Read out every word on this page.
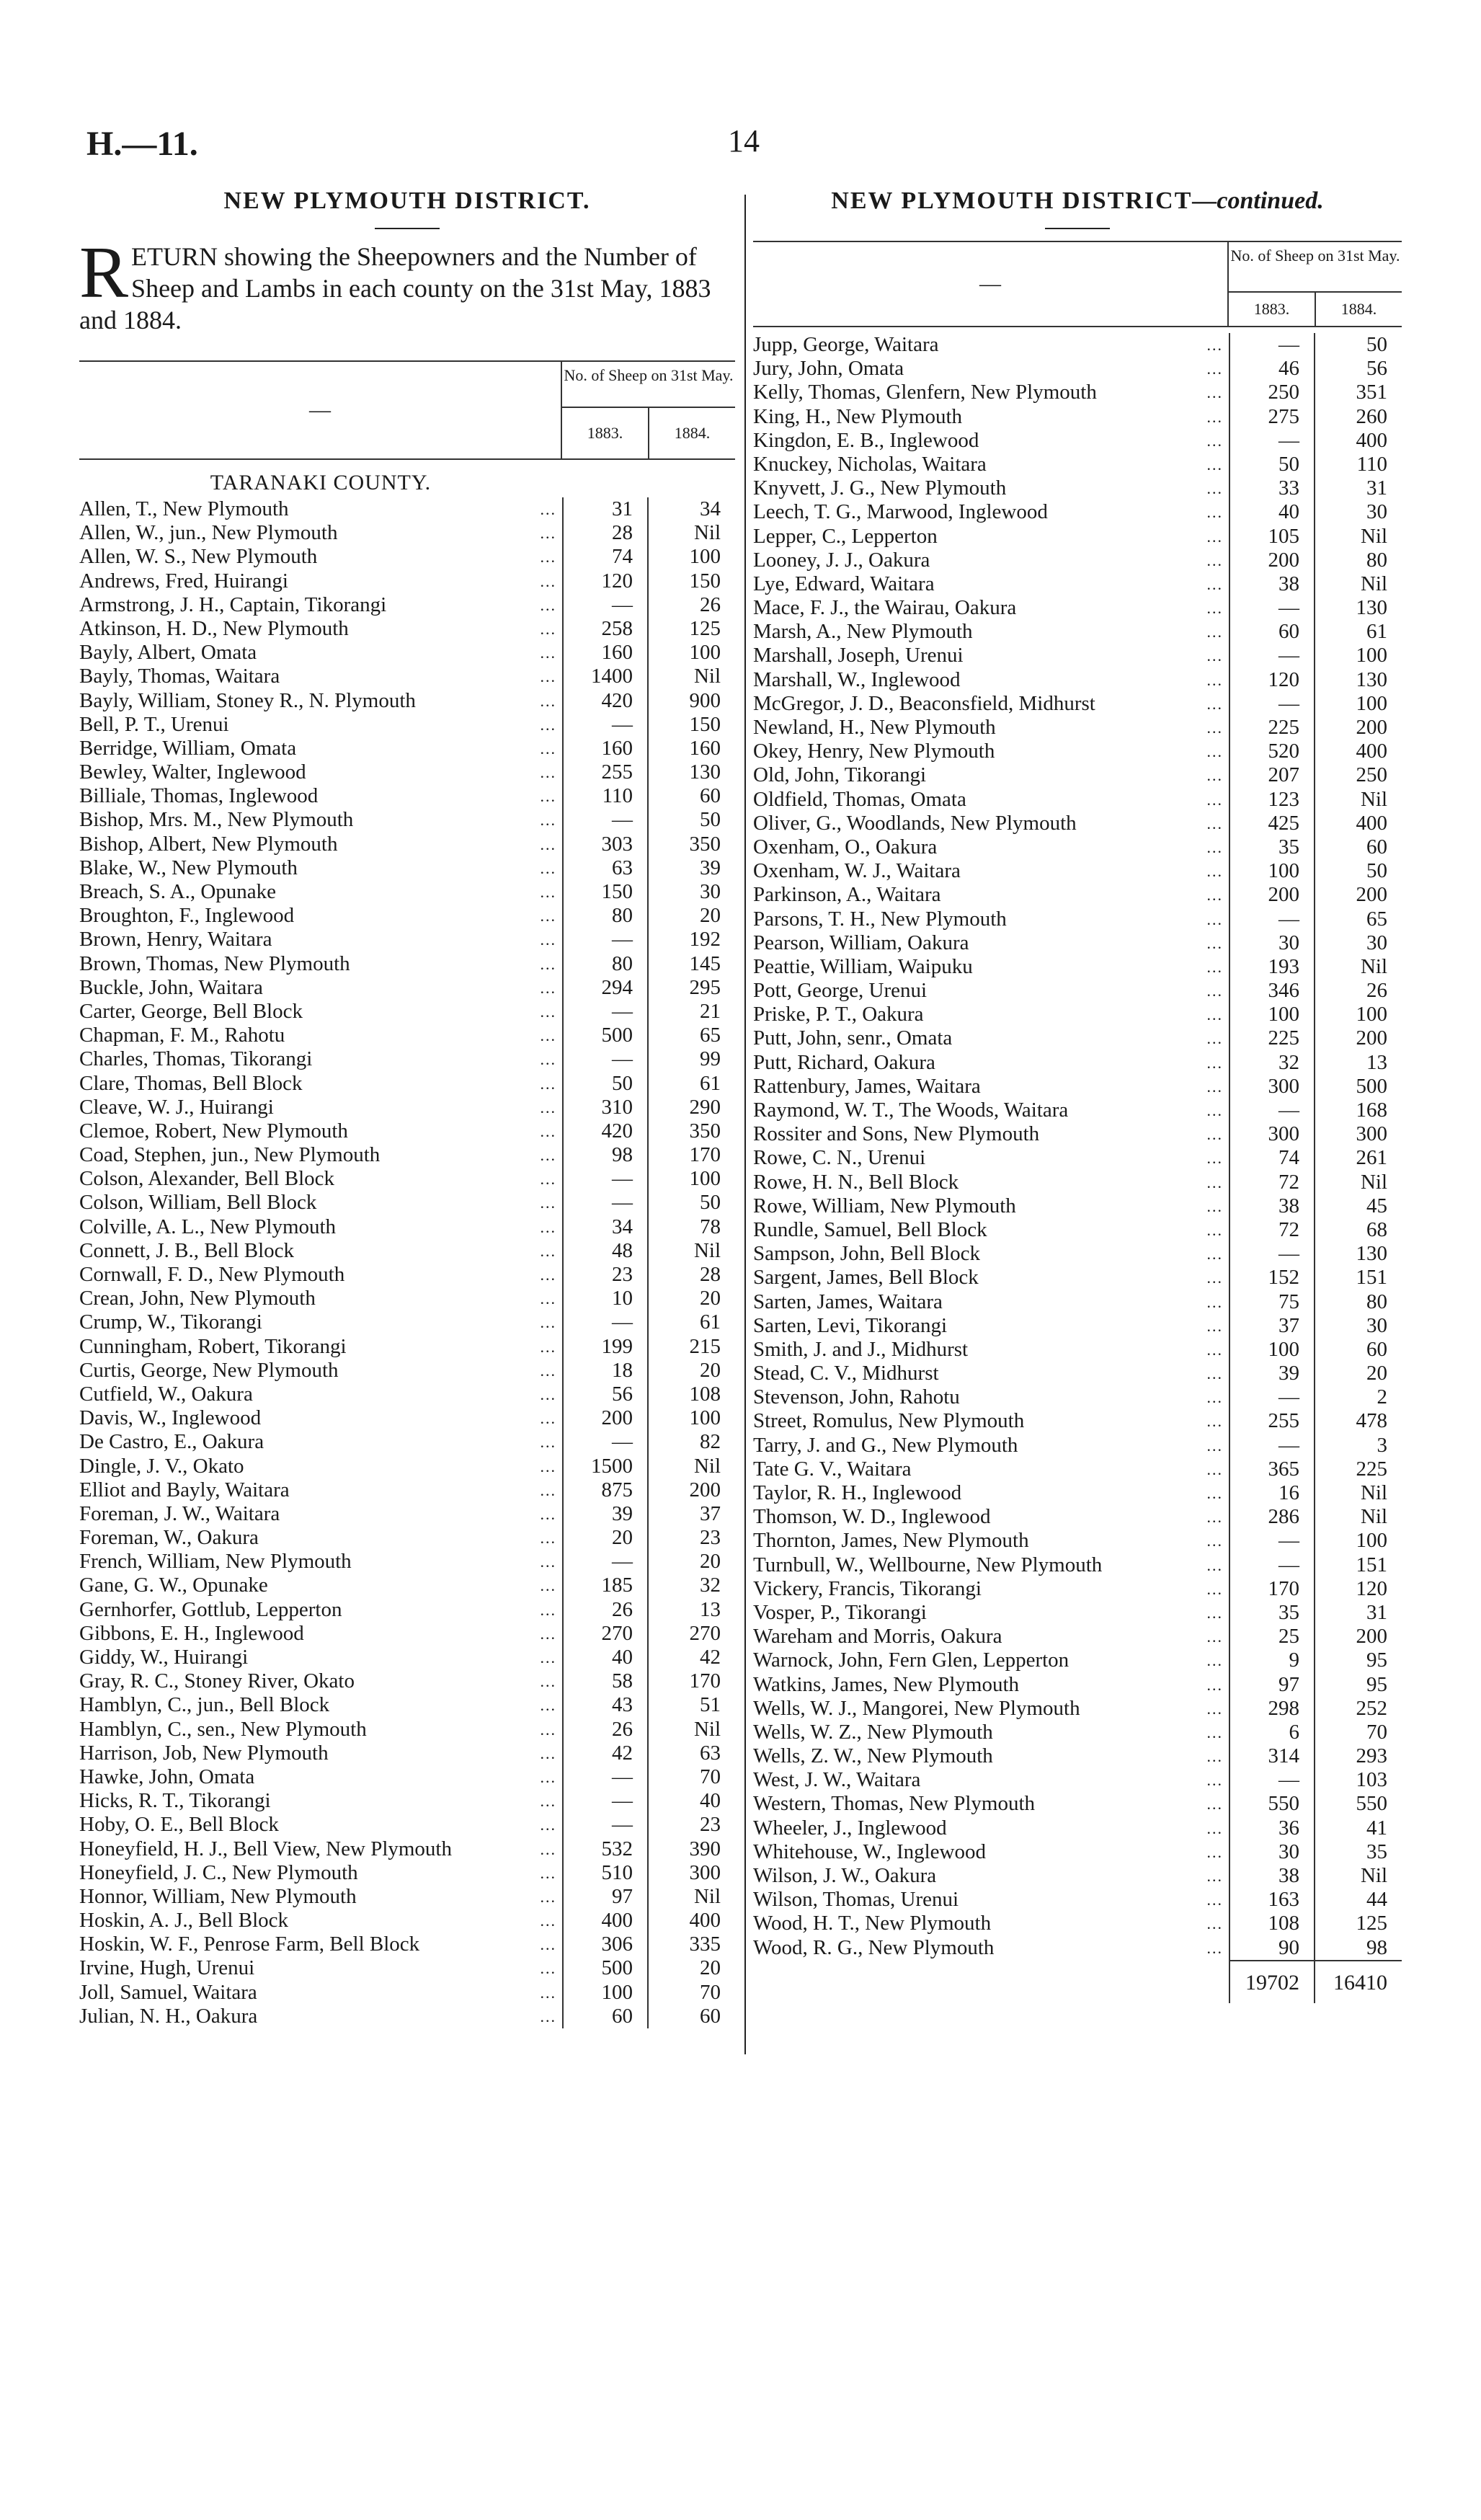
H.—11.	14
NEW PLYMOUTH DISTRICT.

RETURN showing the Sheepowners and the Number of Sheep and Lambs in each county on the 31st May, 1883 and 1884.

—
No. of Sheep on 31st May.
1883.	1884.
TARANAKI COUNTY.
Allen, T., New Plymouth	...	31	34
Allen, W., jun., New Plymouth	...	28	Nil
Allen, W. S., New Plymouth	...	74	100
Andrews, Fred, Huirangi	...	120	150
Armstrong, J. H., Captain, Tikorangi	...	—	26
Atkinson, H. D., New Plymouth	...	258	125
Bayly, Albert, Omata	...	160	100
Bayly, Thomas, Waitara	...	1400	Nil
Bayly, William, Stoney R., N. Plymouth	...	420	900
Bell, P. T., Urenui	...	—	150
Berridge, William, Omata	...	160	160
Bewley, Walter, Inglewood	...	255	130
Billiale, Thomas, Inglewood	...	110	60
Bishop, Mrs. M., New Plymouth	...	—	50
Bishop, Albert, New Plymouth	...	303	350
Blake, W., New Plymouth	...	63	39
Breach, S. A., Opunake	...	150	30
Broughton, F., Inglewood	...	80	20
Brown, Henry, Waitara	...	—	192
Brown, Thomas, New Plymouth	...	80	145
Buckle, John, Waitara	...	294	295
Carter, George, Bell Block	...	—	21
Chapman, F. M., Rahotu	...	500	65
Charles, Thomas, Tikorangi	...	—	99
Clare, Thomas, Bell Block	...	50	61
Cleave, W. J., Huirangi	...	310	290
Clemoe, Robert, New Plymouth	...	420	350
Coad, Stephen, jun., New Plymouth	...	98	170
Colson, Alexander, Bell Block	...	—	100
Colson, William, Bell Block	...	—	50
Colville, A. L., New Plymouth	...	34	78
Connett, J. B., Bell Block	...	48	Nil
Cornwall, F. D., New Plymouth	...	23	28
Crean, John, New Plymouth	...	10	20
Crump, W., Tikorangi	...	—	61
Cunningham, Robert, Tikorangi	...	199	215
Curtis, George, New Plymouth	...	18	20
Cutfield, W., Oakura	...	56	108
Davis, W., Inglewood	...	200	100
De Castro, E., Oakura	...	—	82
Dingle, J. V., Okato	...	1500	Nil
Elliot and Bayly, Waitara	...	875	200
Foreman, J. W., Waitara	...	39	37
Foreman, W., Oakura	...	20	23
French, William, New Plymouth	...	—	20
Gane, G. W., Opunake	...	185	32
Gernhorfer, Gottlub, Lepperton	...	26	13
Gibbons, E. H., Inglewood	...	270	270
Giddy, W., Huirangi	...	40	42
Gray, R. C., Stoney River, Okato	...	58	170
Hamblyn, C., jun., Bell Block	...	43	51
Hamblyn, C., sen., New Plymouth	...	26	Nil
Harrison, Job, New Plymouth	...	42	63
Hawke, John, Omata	...	—	70
Hicks, R. T., Tikorangi	...	—	40
Hoby, O. E., Bell Block	...	—	23
Honeyfield, H. J., Bell View, New Plymouth	...	532	390
Honeyfield, J. C., New Plymouth	...	510	300
Honnor, William, New Plymouth	...	97	Nil
Hoskin, A. J., Bell Block	...	400	400
Hoskin, W. F., Penrose Farm, Bell Block	...	306	335
Irvine, Hugh, Urenui	...	500	20
Joll, Samuel, Waitara	...	100	70
Julian, N. H., Oakura	...	60	60
NEW PLYMOUTH DISTRICT—continued.
—
No. of Sheep on 31st May.
1883.	1884.
Jupp, George, Waitara	...	—	50
Jury, John, Omata	...	46	56
Kelly, Thomas, Glenfern, New Plymouth	...	250	351
King, H., New Plymouth	...	275	260
Kingdon, E. B., Inglewood	...	—	400
Knuckey, Nicholas, Waitara	...	50	110
Knyvett, J. G., New Plymouth	...	33	31
Leech, T. G., Marwood, Inglewood	...	40	30
Lepper, C., Lepperton	...	105	Nil
Looney, J. J., Oakura	...	200	80
Lye, Edward, Waitara	...	38	Nil
Mace, F. J., the Wairau, Oakura	...	—	130
Marsh, A., New Plymouth	...	60	61
Marshall, Joseph, Urenui	...	—	100
Marshall, W., Inglewood	...	120	130
McGregor, J. D., Beaconsfield, Midhurst	...	—	100
Newland, H., New Plymouth	...	225	200
Okey, Henry, New Plymouth	...	520	400
Old, John, Tikorangi	...	207	250
Oldfield, Thomas, Omata	...	123	Nil
Oliver, G., Woodlands, New Plymouth	...	425	400
Oxenham, O., Oakura	...	35	60
Oxenham, W. J., Waitara	...	100	50
Parkinson, A., Waitara	...	200	200
Parsons, T. H., New Plymouth	...	—	65
Pearson, William, Oakura	...	30	30
Peattie, William, Waipuku	...	193	Nil
Pott, George, Urenui	...	346	26
Priske, P. T., Oakura	...	100	100
Putt, John, senr., Omata	...	225	200
Putt, Richard, Oakura	...	32	13
Rattenbury, James, Waitara	...	300	500
Raymond, W. T., The Woods, Waitara	...	—	168
Rossiter and Sons, New Plymouth	...	300	300
Rowe, C. N., Urenui	...	74	261
Rowe, H. N., Bell Block	...	72	Nil
Rowe, William, New Plymouth	...	38	45
Rundle, Samuel, Bell Block	...	72	68
Sampson, John, Bell Block	...	—	130
Sargent, James, Bell Block	...	152	151
Sarten, James, Waitara	...	75	80
Sarten, Levi, Tikorangi	...	37	30
Smith, J. and J., Midhurst	...	100	60
Stead, C. V., Midhurst	...	39	20
Stevenson, John, Rahotu	...	—	2
Street, Romulus, New Plymouth	...	255	478
Tarry, J. and G., New Plymouth	...	—	3
Tate G. V., Waitara	...	365	225
Taylor, R. H., Inglewood	...	16	Nil
Thomson, W. D., Inglewood	...	286	Nil
Thornton, James, New Plymouth	...	—	100
Turnbull, W., Wellbourne, New Plymouth	...	—	151
Vickery, Francis, Tikorangi	...	170	120
Vosper, P., Tikorangi	...	35	31
Wareham and Morris, Oakura	...	25	200
Warnock, John, Fern Glen, Lepperton	...	9	95
Watkins, James, New Plymouth	...	97	95
Wells, W. J., Mangorei, New Plymouth	...	298	252
Wells, W. Z., New Plymouth	...	6	70
Wells, Z. W., New Plymouth	...	314	293
West, J. W., Waitara	...	—	103
Western, Thomas, New Plymouth	...	550	550
Wheeler, J., Inglewood	...	36	41
Whitehouse, W., Inglewood	...	30	35
Wilson, J. W., Oakura	...	38	Nil
Wilson, Thomas, Urenui	...	163	44
Wood, H. T., New Plymouth	...	108	125
Wood, R. G., New Plymouth	...	90	98
19702	16410
